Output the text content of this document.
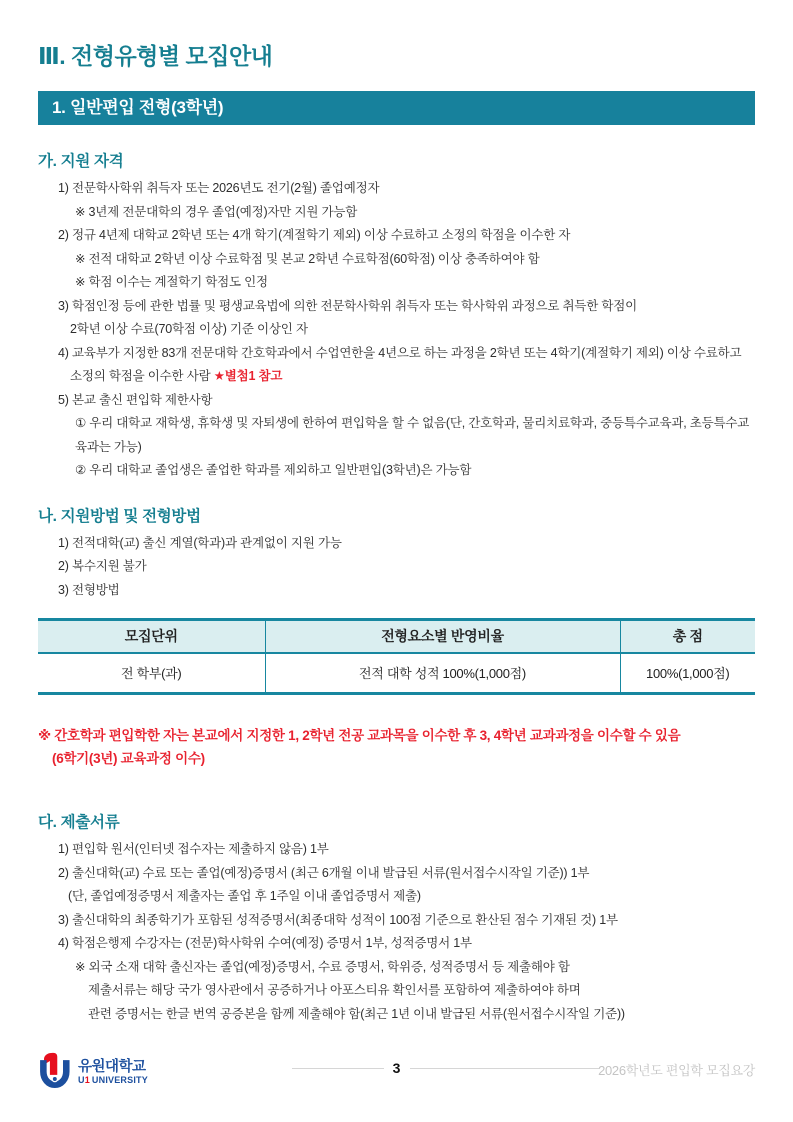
Ⅲ. 전형유형별 모집안내
1. 일반편입 전형(3학년)
가. 지원 자격
1) 전문학사학위 취득자 또는 2026년도 전기(2월) 졸업예정자
※ 3년제 전문대학의 경우 졸업(예정)자만 지원 가능함
2) 정규 4년제 대학교 2학년 또는 4개 학기(계절학기 제외) 이상 수료하고 소정의 학점을 이수한 자
※ 전적 대학교 2학년 이상 수료학점 및 본교 2학년 수료학점(60학점) 이상 충족하여야 함
※ 학점 이수는 계절학기 학점도 인정
3) 학점인정 등에 관한 법률 및 평생교육법에 의한 전문학사학위 취득자 또는 학사학위 과정으로 취득한 학점이
2학년 이상 수료(70학점 이상) 기준 이상인 자
4) 교육부가 지정한 83개 전문대학 간호학과에서 수업연한을 4년으로 하는 과정을 2학년 또는 4학기(계절학기 제외) 이상 수료하고
소정의 학점을 이수한 사람 ★별첨1 참고
5) 본교 출신 편입학 제한사항
① 우리 대학교 재학생, 휴학생 및 자퇴생에 한하여 편입학을 할 수 없음(단, 간호학과, 물리치료학과, 중등특수교육과, 초등특수교육과는 가능)
② 우리 대학교 졸업생은 졸업한 학과를 제외하고 일반편입(3학년)은 가능함
나. 지원방법 및 전형방법
1) 전적대학(교) 출신 계열(학과)과 관계없이 지원 가능
2) 복수지원 불가
3) 전형방법
모집단위	전형요소별 반영비율	총 점
전 학부(과)	전적 대학 성적 100%(1,000점)	100%(1,000점)
※ 간호학과 편입학한 자는 본교에서 지정한 1, 2학년 전공 교과목을 이수한 후 3, 4학년 교과과정을 이수할 수 있음
(6학기(3년) 교육과정 이수)
다. 제출서류
1) 편입학 원서(인터넷 접수자는 제출하지 않음) 1부
2) 출신대학(교) 수료 또는 졸업(예정)증명서 (최근 6개월 이내 발급된 서류(원서접수시작일 기준)) 1부
(단, 졸업예정증명서 제출자는 졸업 후 1주일 이내 졸업증명서 제출)
3) 출신대학의 최종학기가 포함된 성적증명서(최종대학 성적이 100점 기준으로 환산된 점수 기재된 것) 1부
4) 학점은행제 수강자는 (전문)학사학위 수여(예정) 증명서 1부, 성적증명서 1부
※ 외국 소재 대학 출신자는 졸업(예정)증명서, 수료 증명서, 학위증, 성적증명서 등 제출해야 함
제출서류는 해당 국가 영사관에서 공증하거나 아포스티유 확인서를 포함하여 제출하여야 하며
관련 증명서는 한글 번역 공증본을 함께 제출해야 함(최근 1년 이내 발급된 서류(원서접수시작일 기준))
유원대학교
U1 UNIVERSITY
3	2026학년도 편입학 모집요강
